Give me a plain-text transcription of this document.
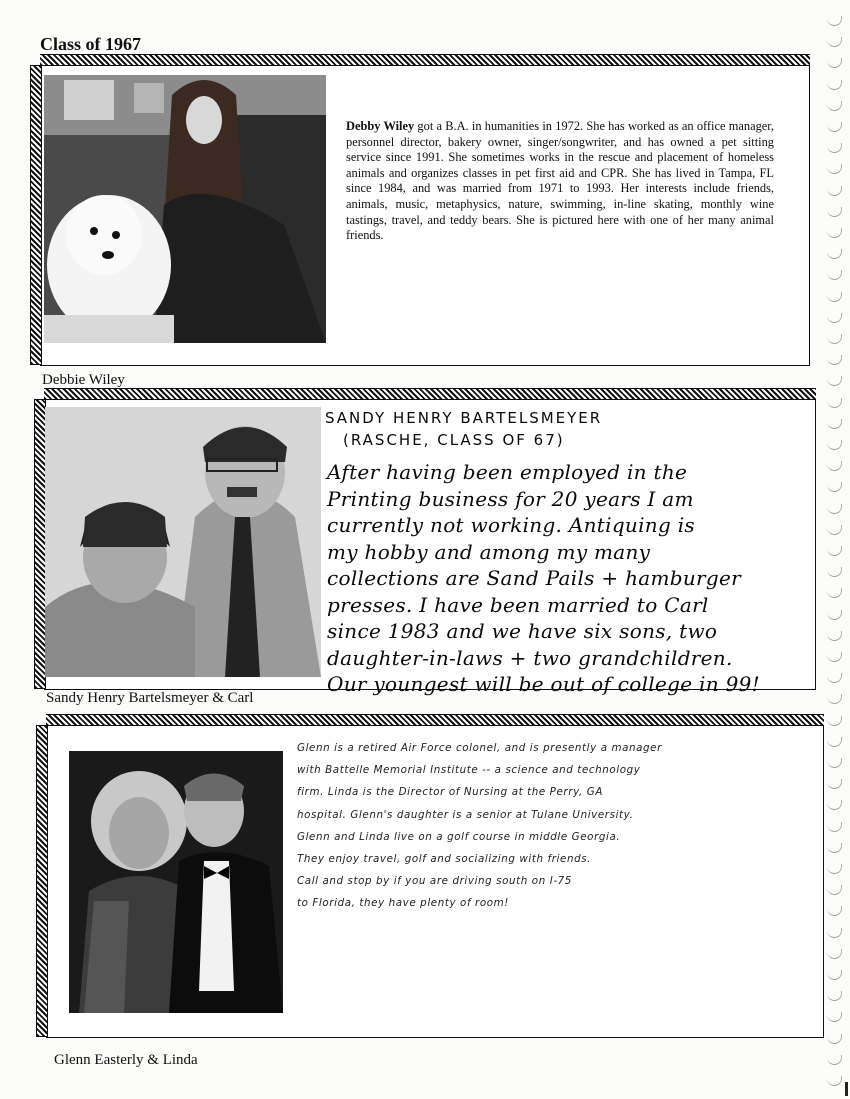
Class of 1967
Debby Wiley got a B.A. in humanities in 1972. She has worked as an office manager, personnel director, bakery owner, singer/songwriter, and has owned a pet sitting service since 1991. She sometimes works in the rescue and placement of homeless animals and organizes classes in pet first aid and CPR. She has lived in Tampa, FL since 1984, and was married from 1971 to 1993. Her interests include friends, animals, music, metaphysics, nature, swimming, in-line skating, monthly wine tastings, travel, and teddy bears. She is pictured here with one of her many animal friends.
Debbie Wiley
SANDY HENRY BARTELSMEYER
(RASCHE, CLASS OF 67)
After having been employed in the
Printing business for 20 years I am
currently not working. Antiquing is
my hobby and among my many
collections are Sand Pails + hamburger
presses. I have been married to Carl
since 1983 and we have six sons, two
daughter-in-laws + two grandchildren.
Our youngest will be out of college in 99!
Sandy Henry Bartelsmeyer & Carl
Glenn is a retired Air Force colonel, and is presently a manager
with Battelle Memorial Institute -- a science and technology
firm. Linda is the Director of Nursing at the Perry, GA
hospital. Glenn's daughter is a senior at Tulane University.
Glenn and Linda live on a golf course in middle Georgia.
They enjoy travel, golf and socializing with friends.
Call and stop by if you are driving south on I-75
to Florida, they have plenty of room!
Glenn Easterly & Linda
